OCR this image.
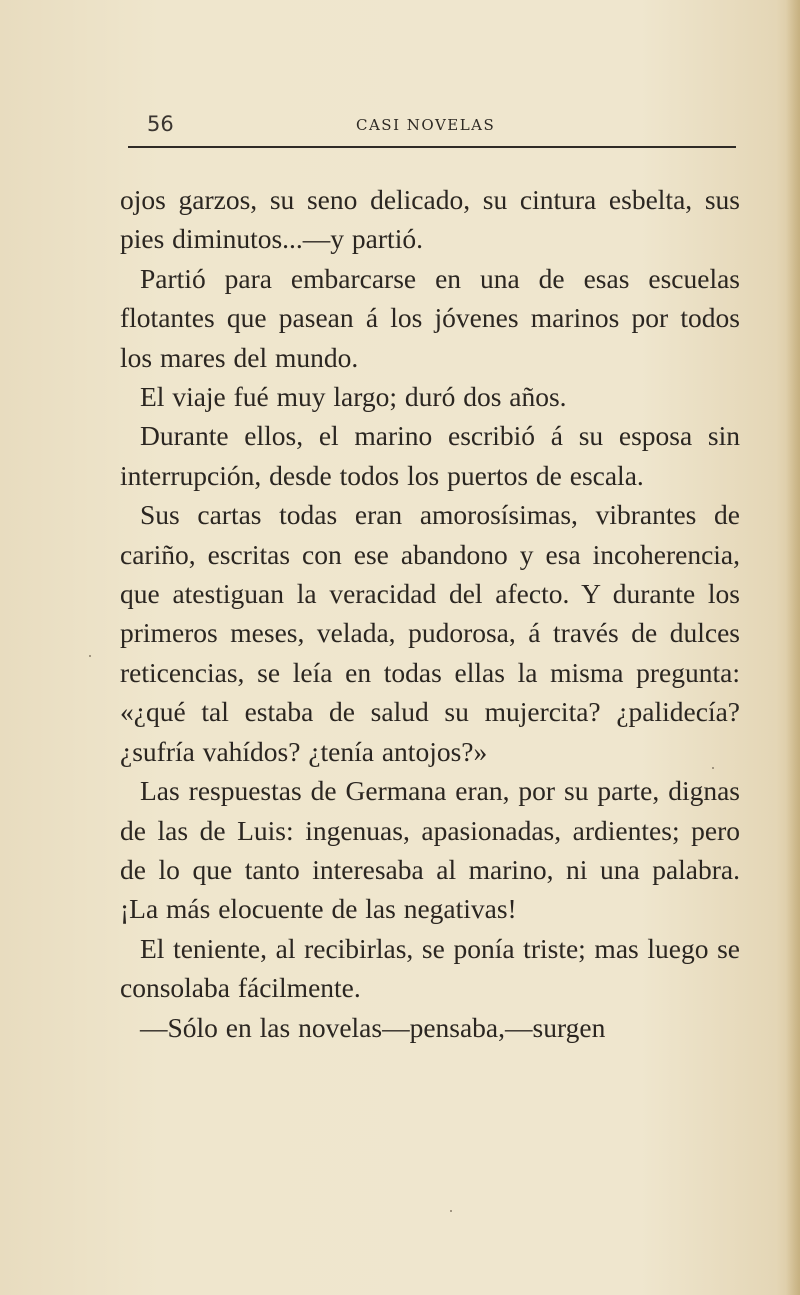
56	CASI NOVELAS

ojos garzos, su seno delicado, su cintura esbelta, sus pies diminutos...—y partió.

Partió para embarcarse en una de esas escuelas flotantes que pasean á los jóvenes marinos por todos los mares del mundo.

El viaje fué muy largo; duró dos años.

Durante ellos, el marino escribió á su esposa sin interrupción, desde todos los puertos de escala.

Sus cartas todas eran amorosísimas, vibrantes de cariño, escritas con ese abandono y esa incoherencia, que atestiguan la veracidad del afecto. Y durante los primeros meses, velada, pudorosa, á través de dulces reticencias, se leía en todas ellas la misma pregunta: «¿qué tal estaba de salud su mujercita? ¿palidecía? ¿sufría vahídos? ¿tenía antojos?»

Las respuestas de Germana eran, por su parte, dignas de las de Luis: ingenuas, apasionadas, ardientes; pero de lo que tanto interesaba al marino, ni una palabra. ¡La más elocuente de las negativas!

El teniente, al recibirlas, se ponía triste; mas luego se consolaba fácilmente.

—Sólo en las novelas—pensaba,—surgen
